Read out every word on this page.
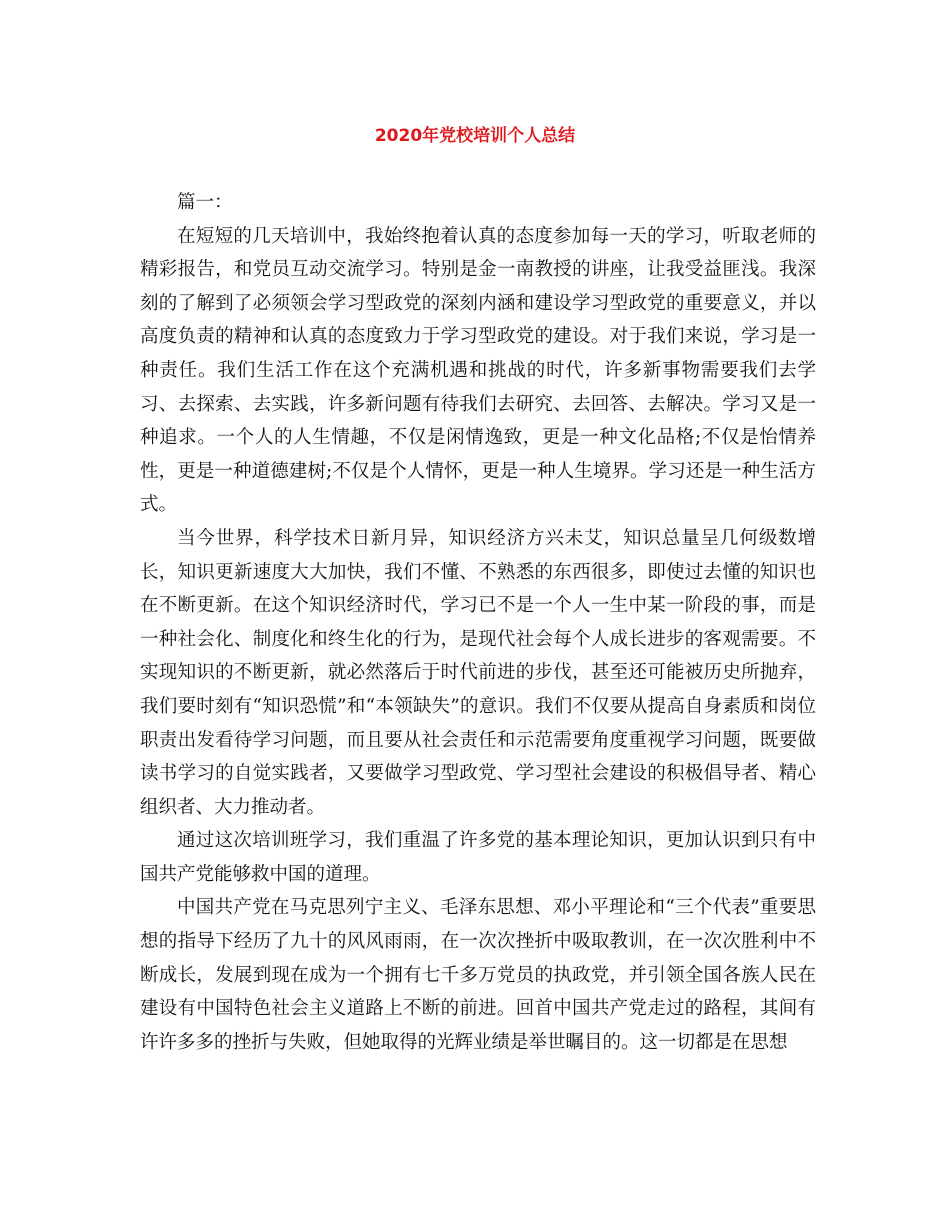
2020年党校培训个人总结

篇一：

在短短的几天培训中，我始终抱着认真的态度参加每一天的学习，听取老师的精彩报告，和党员互动交流学习。特别是金一南教授的讲座，让我受益匪浅。我深刻的了解到了必须领会学习型政党的深刻内涵和建设学习型政党的重要意义，并以高度负责的精神和认真的态度致力于学习型政党的建设。对于我们来说，学习是一种责任。我们生活工作在这个充满机遇和挑战的时代，许多新事物需要我们去学习、去探索、去实践，许多新问题有待我们去研究、去回答、去解决。学习又是一种追求。一个人的人生情趣，不仅是闲情逸致，更是一种文化品格;不仅是怡情养性，更是一种道德建树;不仅是个人情怀，更是一种人生境界。学习还是一种生活方式。

当今世界，科学技术日新月异，知识经济方兴未艾，知识总量呈几何级数增长，知识更新速度大大加快，我们不懂、不熟悉的东西很多，即使过去懂的知识也在不断更新。在这个知识经济时代，学习已不是一个人一生中某一阶段的事，而是一种社会化、制度化和终生化的行为，是现代社会每个人成长进步的客观需要。不实现知识的不断更新，就必然落后于时代前进的步伐，甚至还可能被历史所抛弃，我们要时刻有“知识恐慌”和“本领缺失”的意识。我们不仅要从提高自身素质和岗位职责出发看待学习问题，而且要从社会责任和示范需要角度重视学习问题，既要做读书学习的自觉实践者，又要做学习型政党、学习型社会建设的积极倡导者、精心组织者、大力推动者。

通过这次培训班学习，我们重温了许多党的基本理论知识，更加认识到只有中国共产党能够救中国的道理。

中国共产党在马克思列宁主义、毛泽东思想、邓小平理论和“三个代表”重要思想的指导下经历了九十的风风雨雨，在一次次挫折中吸取教训，在一次次胜利中不断成长，发展到现在成为一个拥有七千多万党员的执政党，并引领全国各族人民在建设有中国特色社会主义道路上不断的前进。回首中国共产党走过的路程，其间有许许多多的挫折与失败，但她取得的光辉业绩是举世瞩目的。这一切都是在思想
